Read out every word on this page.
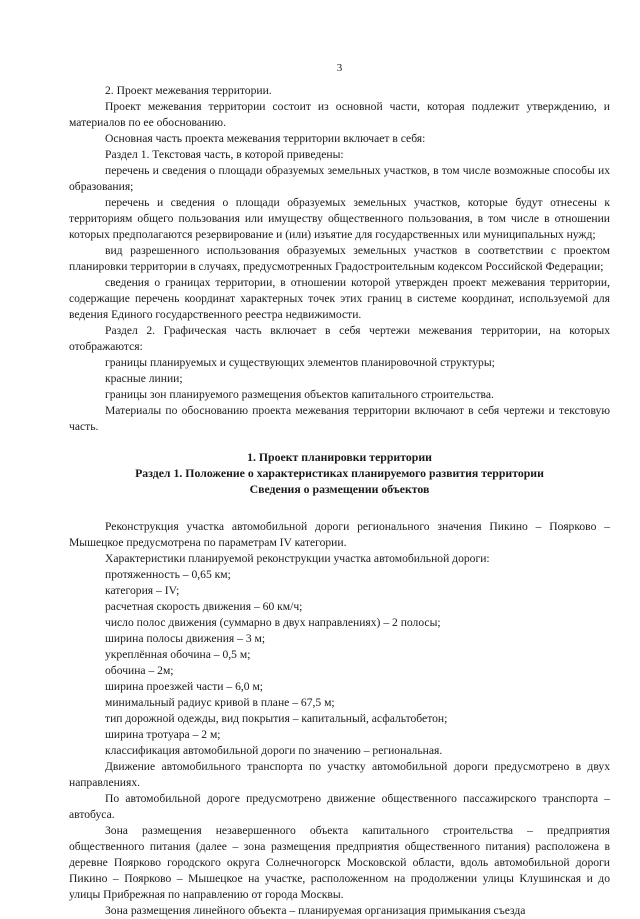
3

2. Проект межевания территории.

Проект межевания территории состоит из основной части, которая подлежит утверждению, и материалов по ее обоснованию.

Основная часть проекта межевания территории включает в себя:

Раздел 1. Текстовая часть, в которой приведены:

перечень и сведения о площади образуемых земельных участков, в том числе возможные способы их образования;

перечень и сведения о площади образуемых земельных участков, которые будут отнесены к территориям общего пользования или имуществу общественного пользования, в том числе в отношении которых предполагаются резервирование и (или) изъятие для государственных или муниципальных нужд;

вид разрешенного использования образуемых земельных участков в соответствии с проектом планировки территории в случаях, предусмотренных Градостроительным кодексом Российской Федерации;

сведения о границах территории, в отношении которой утвержден проект межевания территории, содержащие перечень координат характерных точек этих границ в системе координат, используемой для ведения Единого государственного реестра недвижимости.

Раздел 2. Графическая часть включает в себя чертежи межевания территории, на которых отображаются:

границы планируемых и существующих элементов планировочной структуры;

красные линии;

границы зон планируемого размещения объектов капитального строительства.

Материалы по обоснованию проекта межевания территории включают в себя чертежи и текстовую часть.

1. Проект планировки территории
Раздел 1. Положение о характеристиках планируемого развития территории
Сведения о размещении объектов

Реконструкция участка автомобильной дороги регионального значения Пикино – Поярково – Мышецкое предусмотрена по параметрам IV категории.

Характеристики планируемой реконструкции участка автомобильной дороги:

протяженность – 0,65 км;

категория – IV;

расчетная скорость движения – 60 км/ч;

число полос движения (суммарно в двух направлениях) – 2 полосы;

ширина полосы движения – 3 м;

укреплённая обочина – 0,5 м;

обочина – 2м;

ширина проезжей части – 6,0 м;

минимальный радиус кривой в плане – 67,5 м;

тип дорожной одежды, вид покрытия – капитальный, асфальтобетон;

ширина тротуара – 2 м;

классификация автомобильной дороги по значению – региональная.

Движение автомобильного транспорта по участку автомобильной дороги предусмотрено в двух направлениях.

По автомобильной дороге предусмотрено движение общественного пассажирского транспорта – автобуса.

Зона размещения незавершенного объекта капитального строительства – предприятия общественного питания (далее – зона размещения предприятия общественного питания) расположена в деревне Поярково городского округа Солнечногорск Московской области, вдоль автомобильной дороги Пикино – Поярково – Мышецкое на участке, расположенном на продолжении улицы Клушинская и до улицы Прибрежная по направлению от города Москвы.

Зона размещения линейного объекта – планируемая организация примыкания съезда
